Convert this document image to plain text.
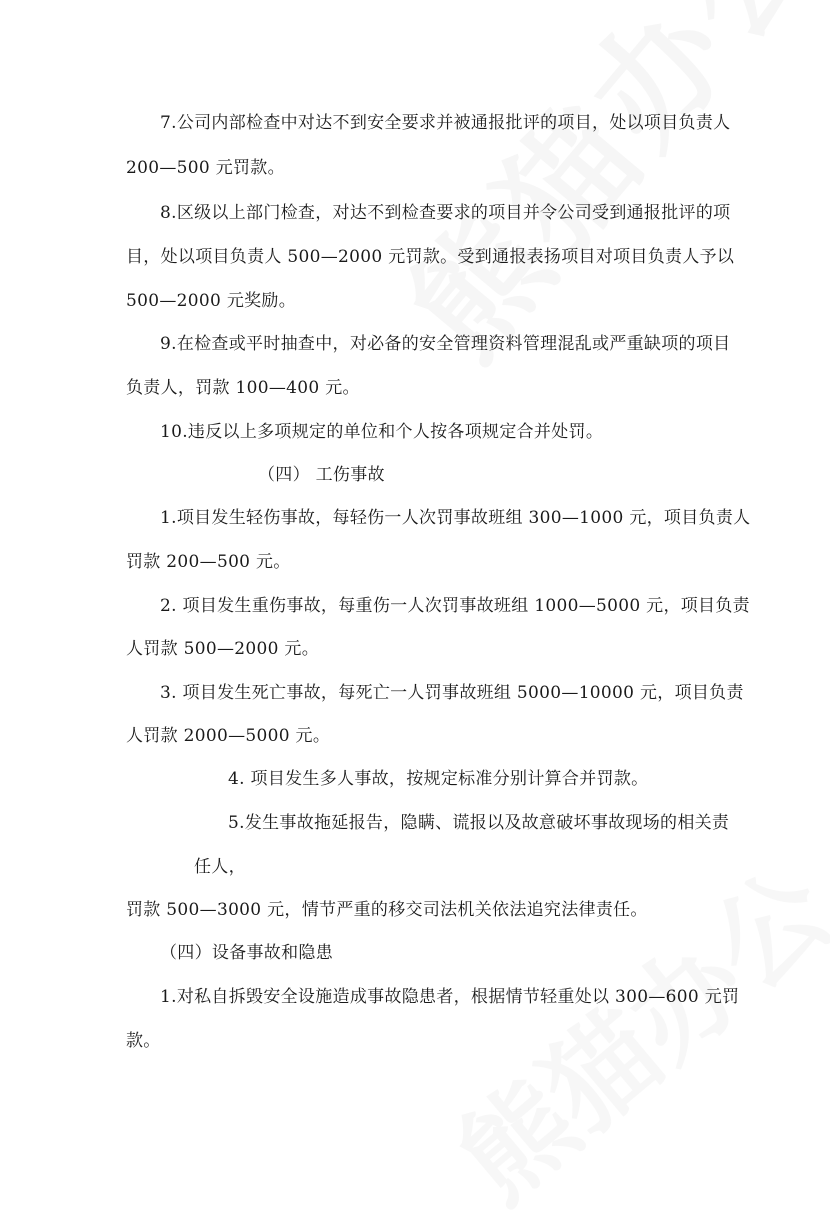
7.公司内部检查中对达不到安全要求并被通报批评的项目，处以项目负责人
200—500 元罚款。
8.区级以上部门检查，对达不到检查要求的项目并令公司受到通报批评的项
目，处以项目负责人 500—2000 元罚款。受到通报表扬项目对项目负责人予以
500—2000 元奖励。
9.在检查或平时抽查中，对必备的安全管理资料管理混乱或严重缺项的项目
负责人，罚款 100—400 元。
10.违反以上多项规定的单位和个人按各项规定合并处罚。
（四） 工伤事故
1.项目发生轻伤事故，每轻伤一人次罚事故班组 300—1000 元，项目负责人
罚款 200—500 元。
2. 项目发生重伤事故，每重伤一人次罚事故班组 1000—5000 元，项目负责
人罚款 500—2000 元。
3. 项目发生死亡事故，每死亡一人罚事故班组 5000—10000 元，项目负责
人罚款 2000—5000 元。
4. 项目发生多人事故，按规定标准分别计算合并罚款。
5.发生事故拖延报告，隐瞒、谎报以及故意破坏事故现场的相关责
任人，
罚款 500—3000 元，情节严重的移交司法机关依法追究法律责任。
（四）设备事故和隐患
1.对私自拆毁安全设施造成事故隐患者，根据情节轻重处以 300—600 元罚
款。
